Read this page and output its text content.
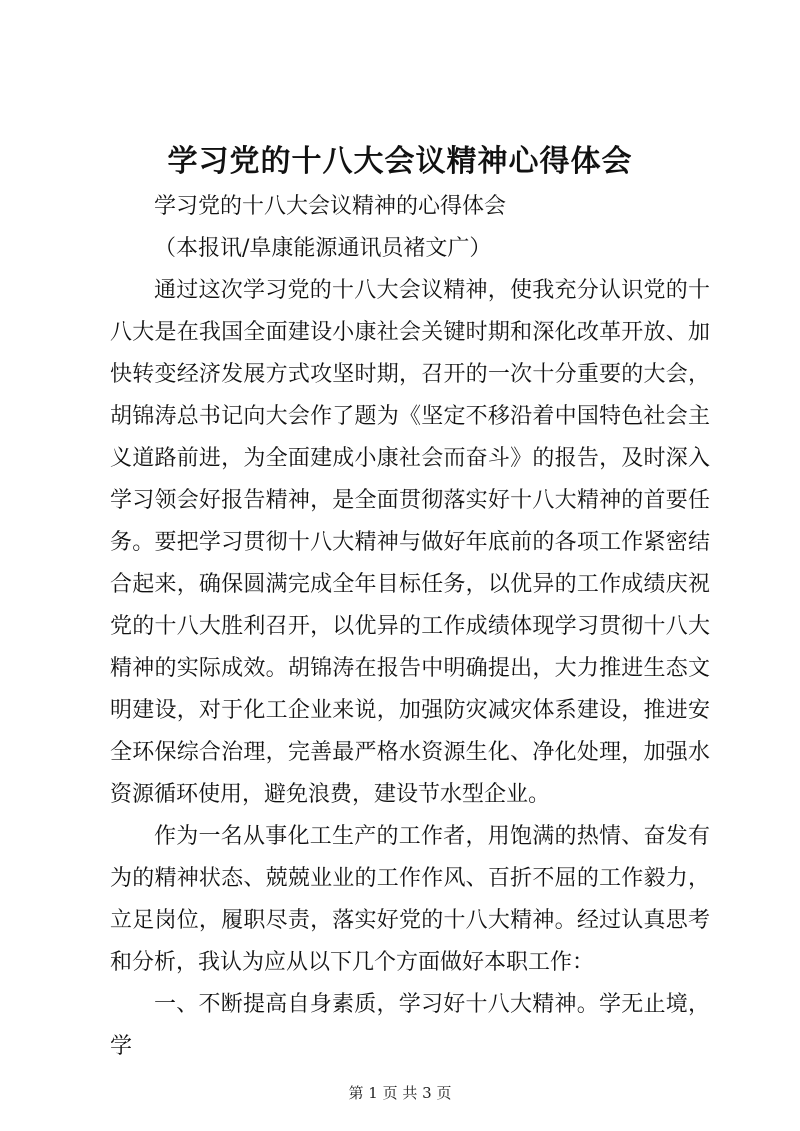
学习党的十八大会议精神心得体会

学习党的十八大会议精神的心得体会

（本报讯/阜康能源通讯员褚文广）

通过这次学习党的十八大会议精神，使我充分认识党的十八大是在我国全面建设小康社会关键时期和深化改革开放、加快转变经济发展方式攻坚时期，召开的一次十分重要的大会，胡锦涛总书记向大会作了题为《坚定不移沿着中国特色社会主义道路前进，为全面建成小康社会而奋斗》的报告，及时深入学习领会好报告精神，是全面贯彻落实好十八大精神的首要任务。要把学习贯彻十八大精神与做好年底前的各项工作紧密结合起来，确保圆满完成全年目标任务，以优异的工作成绩庆祝党的十八大胜利召开，以优异的工作成绩体现学习贯彻十八大精神的实际成效。胡锦涛在报告中明确提出，大力推进生态文明建设，对于化工企业来说，加强防灾减灾体系建设，推进安全环保综合治理，完善最严格水资源生化、净化处理，加强水资源循环使用，避免浪费，建设节水型企业。

作为一名从事化工生产的工作者，用饱满的热情、奋发有为的精神状态、兢兢业业的工作作风、百折不屈的工作毅力，立足岗位，履职尽责，落实好党的十八大精神。经过认真思考和分析，我认为应从以下几个方面做好本职工作：

一、不断提高自身素质，学习好十八大精神。学无止境，学

第 1 页 共 3 页
